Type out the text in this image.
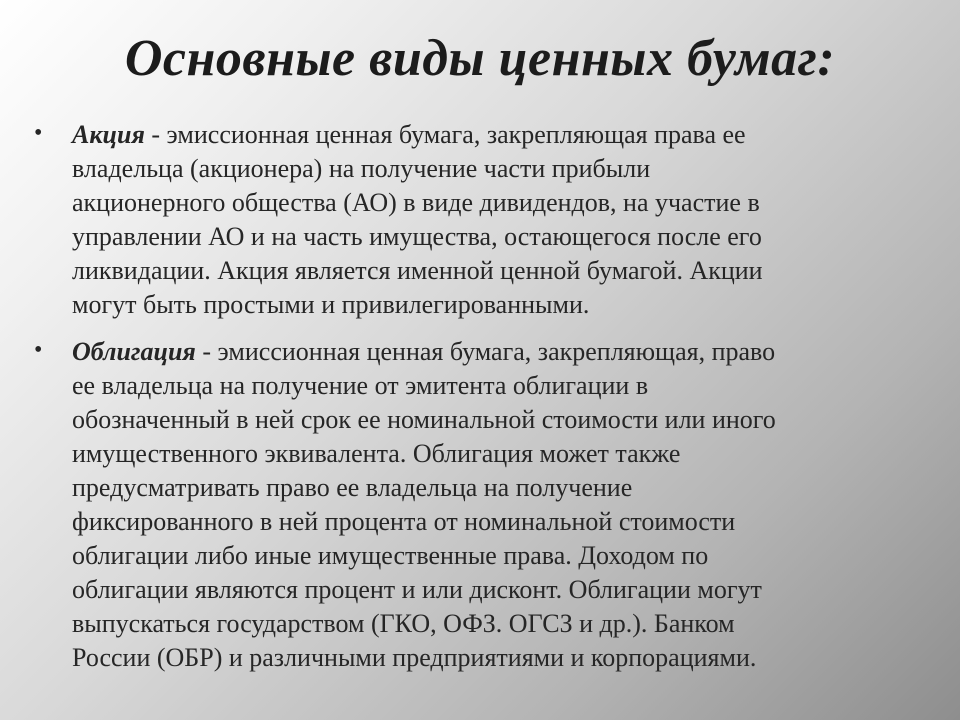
Основные виды ценных бумаг:
• Акция - эмиссионная ценная бумага, закрепляющая права ее
владельца (акционера) на получение части прибыли
акционерного общества (АО) в виде дивидендов, на участие в
управлении АО и на часть имущества, остающегося после его
ликвидации. Акция является именной ценной бумагой. Акции
могут быть простыми и привилегированными.
• Облигация - эмиссионная ценная бумага, закрепляющая, право
ее владельца на получение от эмитента облигации в
обозначенный в ней срок ее номинальной стоимости или иного
имущественного эквивалента. Облигация может также
предусматривать право ее владельца на получение
фиксированного в ней процента от номинальной стоимости
облигации либо иные имущественные права. Доходом по
облигации являются процент и или дисконт. Облигации могут
выпускаться государством (ГКО, ОФЗ. ОГСЗ и др.). Банком
России (ОБР) и различными предприятиями и корпорациями.
